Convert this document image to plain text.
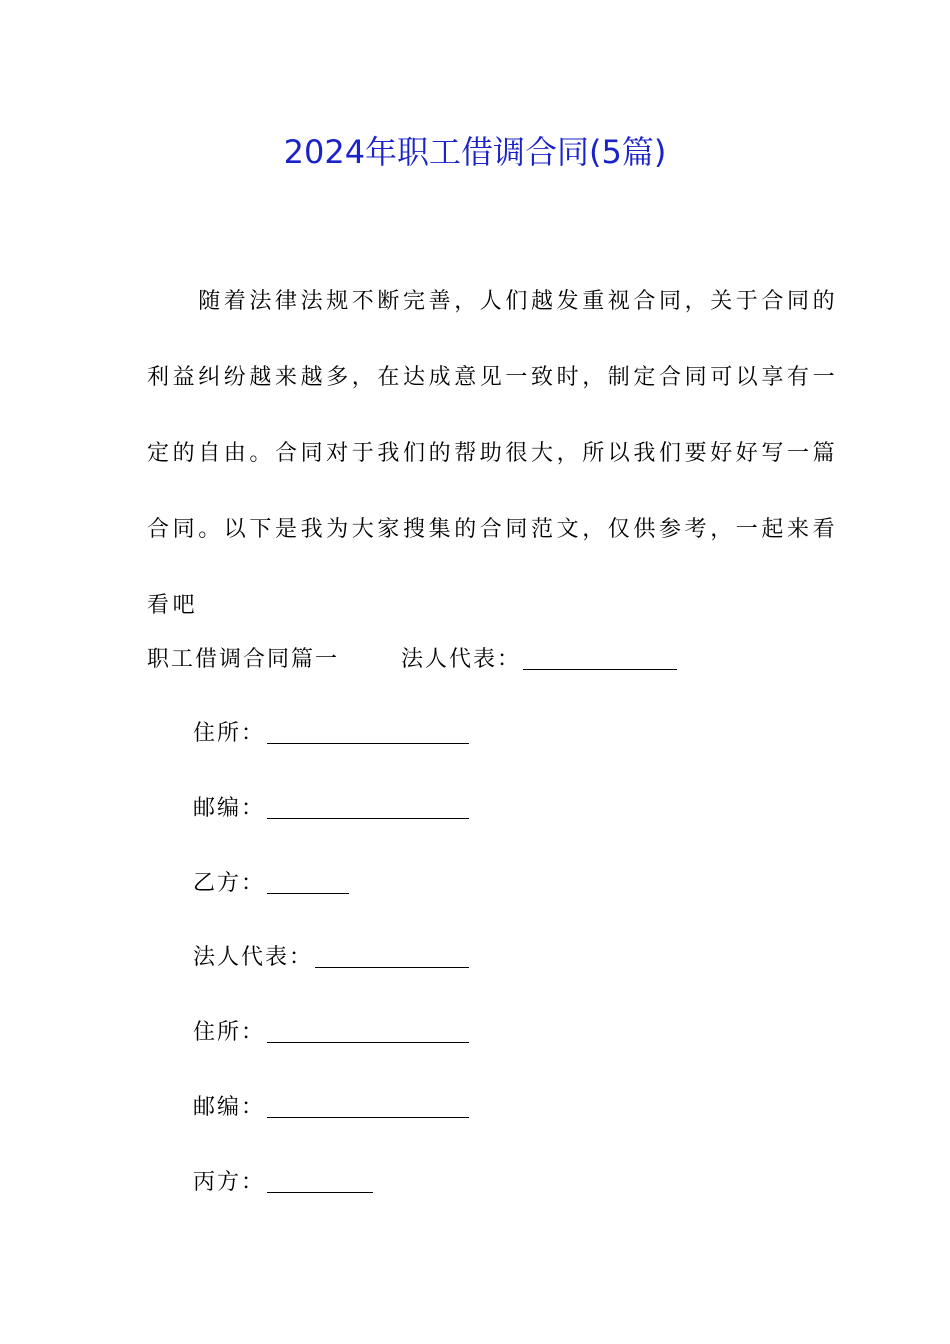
2024年职工借调合同(5篇)
　　随着法律法规不断完善，人们越发重视合同，关于合同的
利益纠纷越来越多，在达成意见一致时，制定合同可以享有一
定的自由。合同对于我们的帮助很大，所以我们要好好写一篇
合同。以下是我为大家搜集的合同范文，仅供参考，一起来看
看吧
职工借调合同篇一	法人代表：
住所：
邮编：
乙方：
法人代表：
住所：
邮编：
丙方：
